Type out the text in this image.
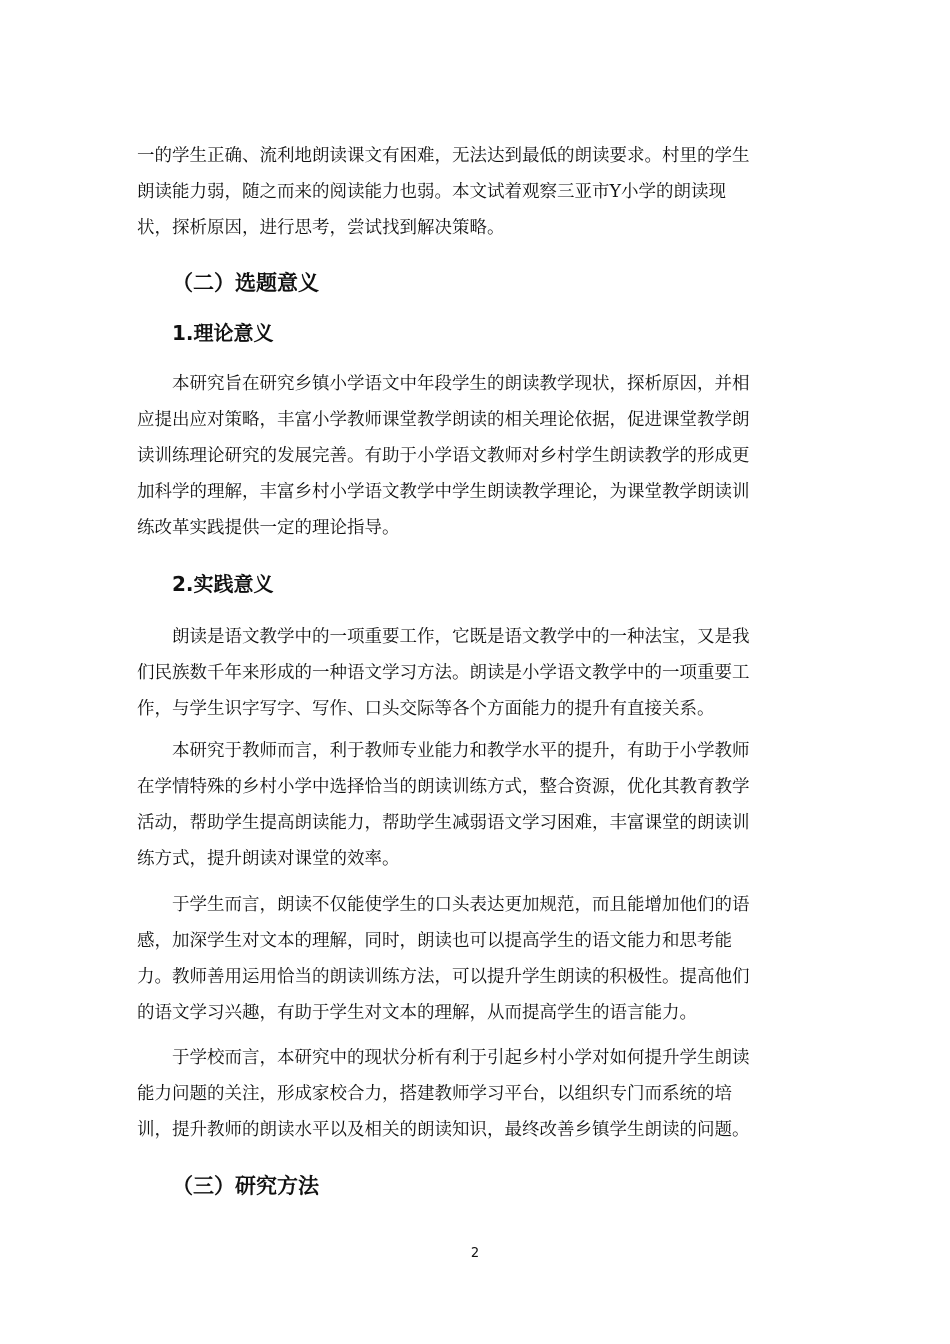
一的学生正确、流利地朗读课文有困难，无法达到最低的朗读要求。村里的学生
朗读能力弱，随之而来的阅读能力也弱。本文试着观察三亚市Y小学的朗读现
状，探析原因，进行思考，尝试找到解决策略。
（二）选题意义
1.理论意义
本研究旨在研究乡镇小学语文中年段学生的朗读教学现状，探析原因，并相
应提出应对策略，丰富小学教师课堂教学朗读的相关理论依据，促进课堂教学朗
读训练理论研究的发展完善。有助于小学语文教师对乡村学生朗读教学的形成更
加科学的理解，丰富乡村小学语文教学中学生朗读教学理论，为课堂教学朗读训
练改革实践提供一定的理论指导。
2.实践意义
朗读是语文教学中的一项重要工作，它既是语文教学中的一种法宝，又是我
们民族数千年来形成的一种语文学习方法。朗读是小学语文教学中的一项重要工
作，与学生识字写字、写作、口头交际等各个方面能力的提升有直接关系。
本研究于教师而言，利于教师专业能力和教学水平的提升，有助于小学教师
在学情特殊的乡村小学中选择恰当的朗读训练方式，整合资源，优化其教育教学
活动，帮助学生提高朗读能力，帮助学生减弱语文学习困难，丰富课堂的朗读训
练方式，提升朗读对课堂的效率。
于学生而言，朗读不仅能使学生的口头表达更加规范，而且能增加他们的语
感，加深学生对文本的理解，同时，朗读也可以提高学生的语文能力和思考能
力。教师善用运用恰当的朗读训练方法，可以提升学生朗读的积极性。提高他们
的语文学习兴趣，有助于学生对文本的理解，从而提高学生的语言能力。
于学校而言，本研究中的现状分析有利于引起乡村小学对如何提升学生朗读
能力问题的关注，形成家校合力，搭建教师学习平台，以组织专门而系统的培
训，提升教师的朗读水平以及相关的朗读知识，最终改善乡镇学生朗读的问题。
（三）研究方法
2
